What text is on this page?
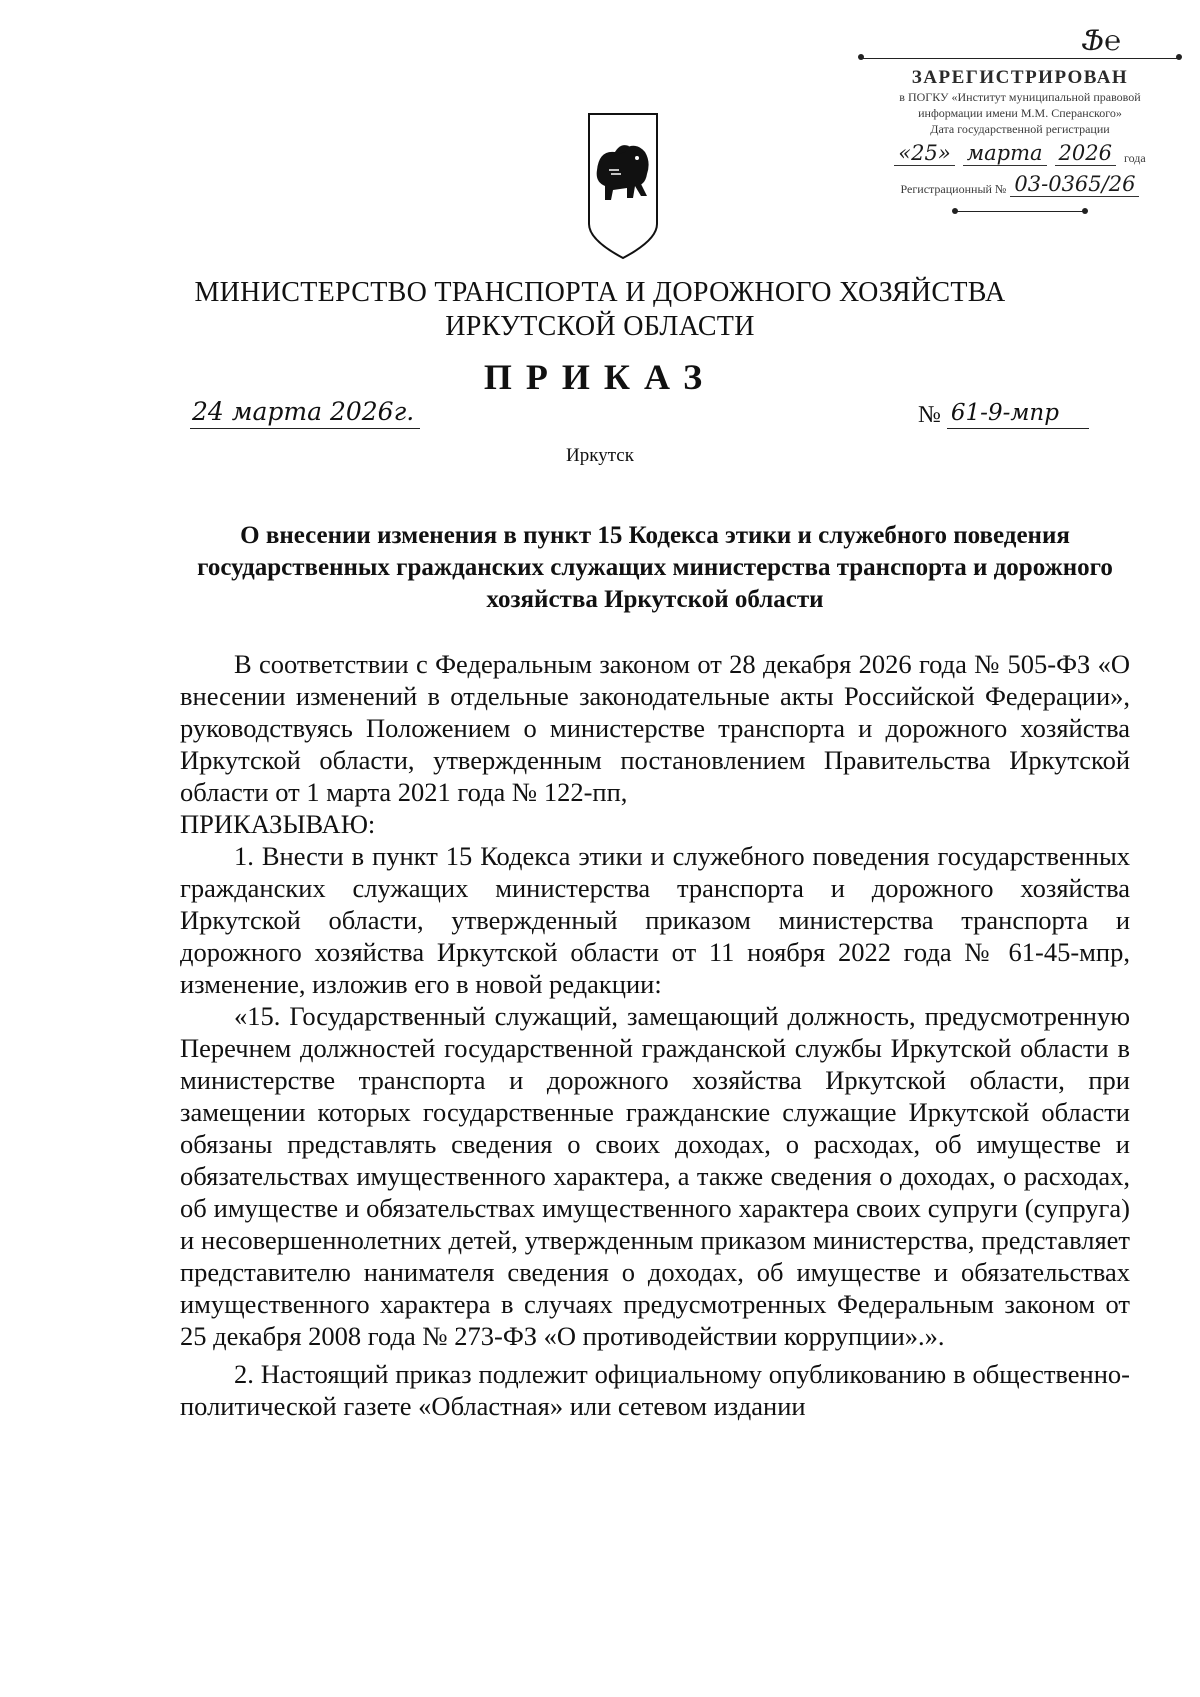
Ֆ℮
ЗАРЕГИСТРИРОВАН
в ПОГКУ «Институт муниципальной правовой
информации имени М.М. Сперанского»
Дата государственной регистрации
«25» марта 2026	года
Регистрационный № 03-0365/26
МИНИСТЕРСТВО ТРАНСПОРТА И ДОРОЖНОГО ХОЗЯЙСТВА
ИРКУТСКОЙ ОБЛАСТИ
ПРИКАЗ
24 марта 2026г.	№ 61-9-мпр
Иркутск
О внесении изменения в пункт 15 Кодекса этики и служебного поведения государственных гражданских служащих министерства транспорта и дорожного хозяйства Иркутской области

В соответствии с Федеральным законом от 28 декабря 2026 года № 505-ФЗ «О внесении изменений в отдельные законодательные акты Российской Федерации», руководствуясь Положением о министерстве транспорта и дорожного хозяйства Иркутской области, утвержденным постановлением Правительства Иркутской области от 1 марта 2021 года № 122-пп,

ПРИКАЗЫВАЮ:

1. Внести в пункт 15 Кодекса этики и служебного поведения государственных гражданских служащих министерства транспорта и дорожного хозяйства Иркутской области, утвержденный приказом министерства транспорта и дорожного хозяйства Иркутской области от 11 ноября 2022 года № 61-45-мпр, изменение, изложив его в новой редакции:

«15. Государственный служащий, замещающий должность, предусмотренную Перечнем должностей государственной гражданской службы Иркутской области в министерстве транспорта и дорожного хозяйства Иркутской области, при замещении которых государственные гражданские служащие Иркутской области обязаны представлять сведения о своих доходах, о расходах, об имуществе и обязательствах имущественного характера, а также сведения о доходах, о расходах, об имуществе и обязательствах имущественного характера своих супруги (супруга) и несовершеннолетних детей, утвержденным приказом министерства, представляет представителю нанимателя сведения о доходах, об имуществе и обязательствах имущественного характера в случаях предусмотренных Федеральным законом от 25 декабря 2008 года № 273-ФЗ «О противодействии коррупции».».

2. Настоящий приказ подлежит официальному опубликованию в общественно-политической газете «Областная» или сетевом издании
